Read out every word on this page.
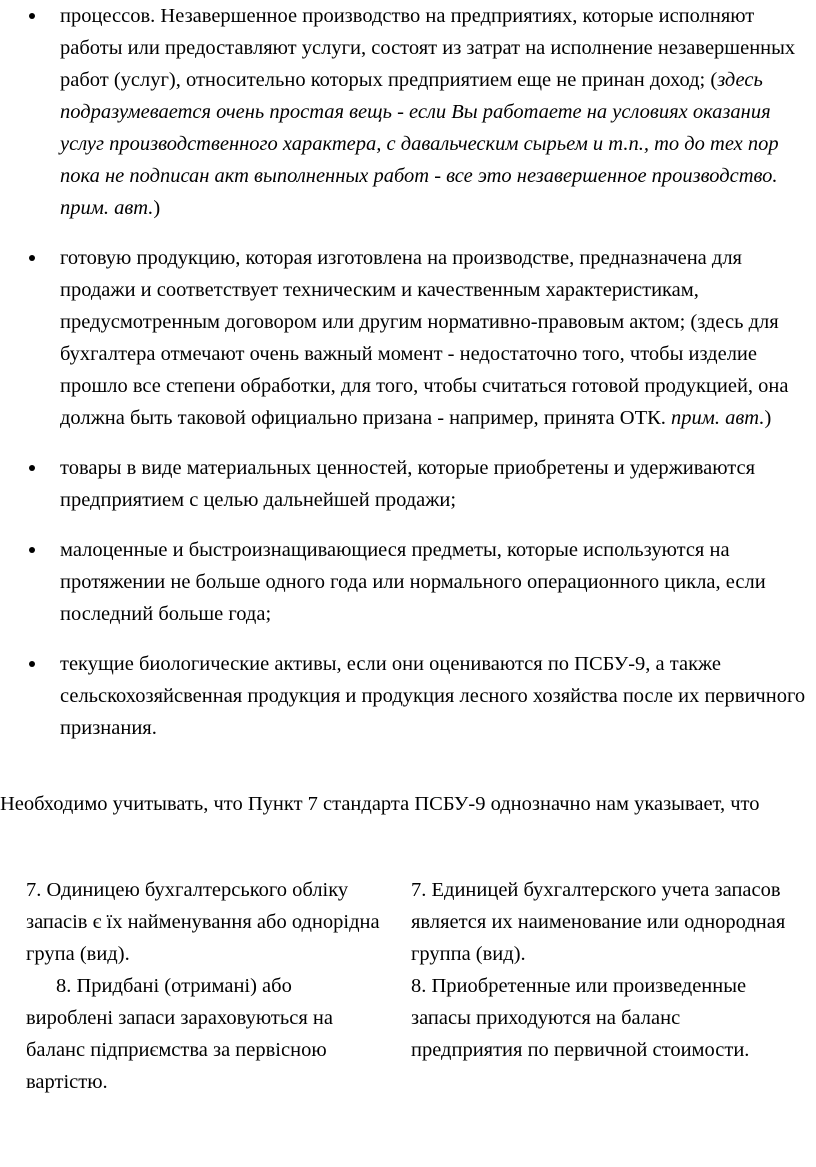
процессов. Незавершенное производство на предприятиях, которые исполняют работы или предоставляют услуги, состоят из затрат на исполнение незавершенных работ (услуг), относительно которых предприятием еще не принан доход; (здесь подразумевается очень простая вещь - если Вы работаете на условиях оказания услуг производственного характера, с давальческим сырьем и т.п., то до тех пор пока не подписан акт выполненных работ - все это незавершенное производство. прим. авт.)
готовую продукцию, которая изготовлена на производстве, предназначена для продажи и соответствует техническим и качественным характеристикам, предусмотренным договором или другим нормативно-правовым актом; (здесь для бухгалтера отмечают очень важный момент - недостаточно того, чтобы изделие прошло все степени обработки, для того, чтобы считаться готовой продукцией, она должна быть таковой официально призана - например, принята ОТК. прим. авт.)
товары в виде материальных ценностей, которые приобретены и удерживаются предприятием с целью дальнейшей продажи;
малоценные и быстроизнащивающиеся предметы, которые используются на протяжении не больше одного года или нормального операционного цикла, если последний больше года;
текущие биологические активы, если они оцениваются по ПСБУ-9, а также сельскохозяйсвенная продукция и продукция лесного хозяйства после их первичного признания.

Необходимо учитывать, что Пункт 7 стандарта ПСБУ-9 однозначно нам указывает, что

7. Одиницею бухгалтерського обліку запасів є їх найменування або однорідна група (вид).	7. Единицей бухгалтерского учета запасов является их наименование или однородная группа (вид).

8. Придбані (отримані) або вироблені запаси зараховуються на баланс підприємства за первісною вартістю.	8. Приобретенные или произведенные запасы приходуются на баланс предприятия по первичной стоимости.
